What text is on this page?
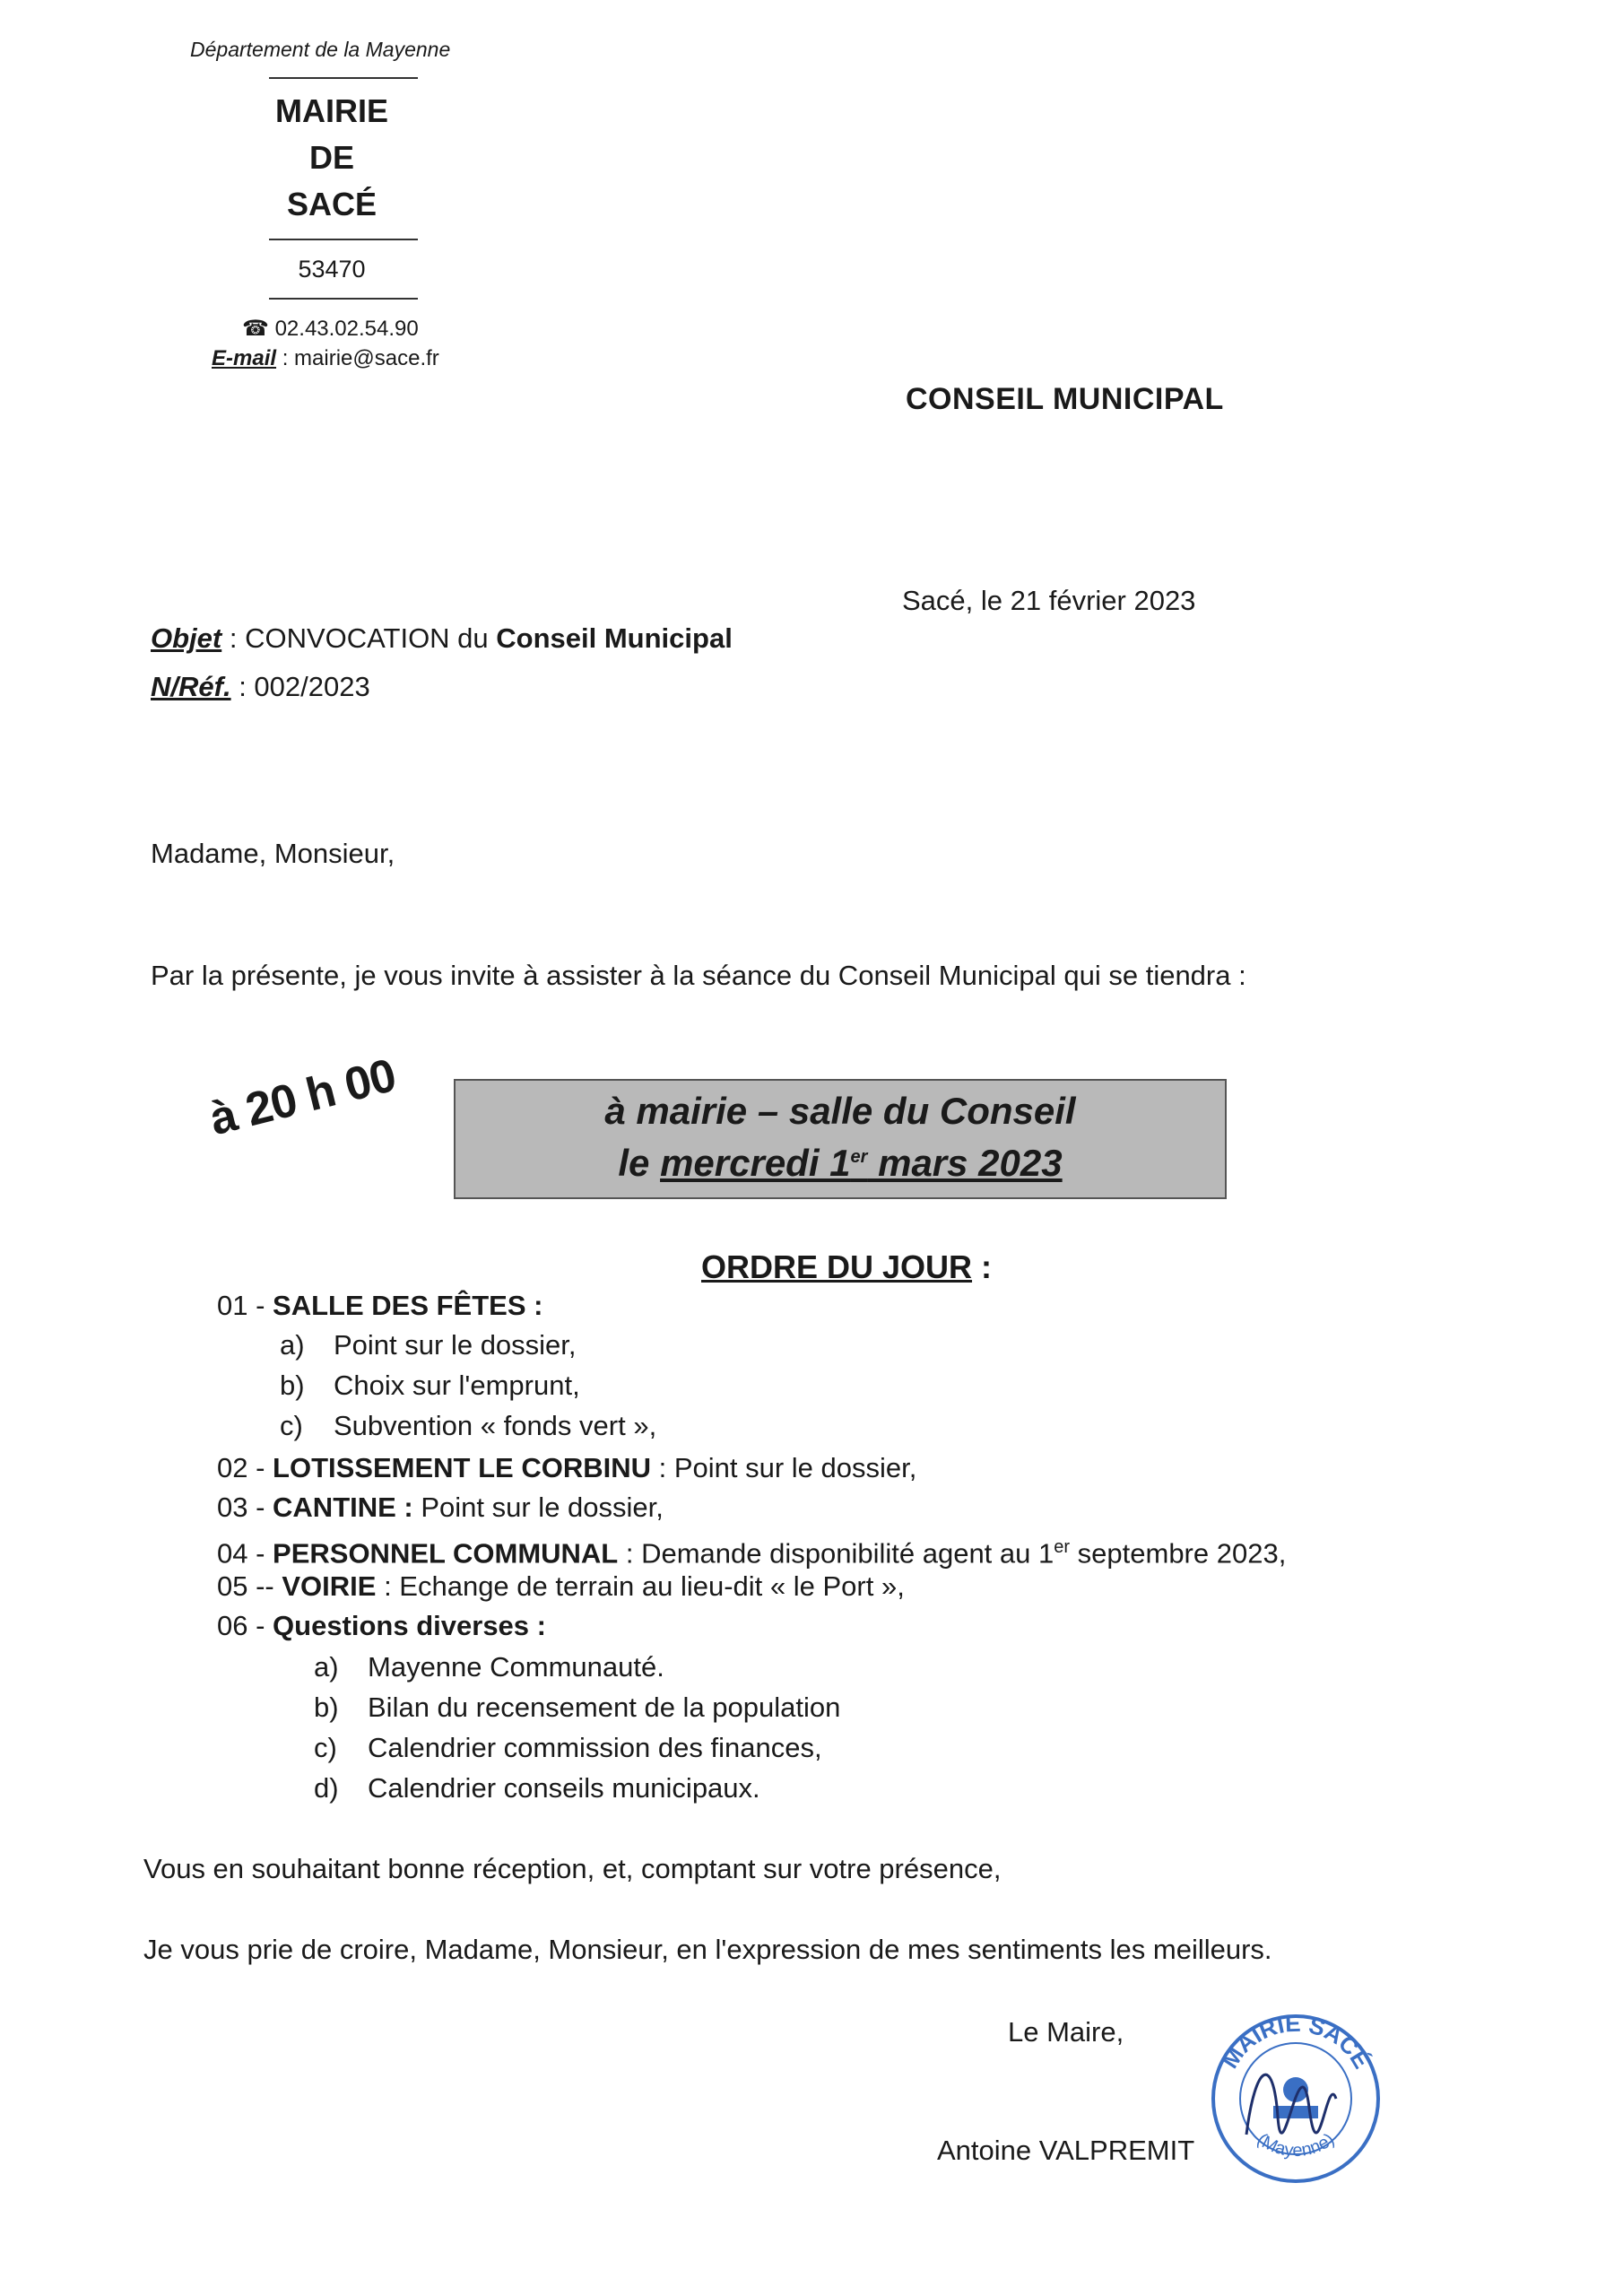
Département de la Mayenne
MAIRIE
DE
SACÉ
53470
☎ 02.43.02.54.90
E-mail : mairie@sace.fr
CONSEIL MUNICIPAL
Sacé, le 21 février 2023
Objet : CONVOCATION du Conseil Municipal
N/Réf. : 002/2023
Madame, Monsieur,
Par la présente, je vous invite à assister à la séance du Conseil Municipal qui se tiendra :
à 20 h 00	à mairie – salle du Conseil
le mercredi 1er mars 2023
ORDRE DU JOUR :
01 - SALLE DES FÊTES :
a) Point sur le dossier,
b) Choix sur l'emprunt,
c) Subvention « fonds vert »,
02 - LOTISSEMENT LE CORBINU : Point sur le dossier,
03 - CANTINE : Point sur le dossier,
04 - PERSONNEL COMMUNAL : Demande disponibilité agent au 1er septembre 2023,
05 -- VOIRIE : Echange de terrain au lieu-dit « le Port »,
06 - Questions diverses :
a) Mayenne Communauté.
b) Bilan du recensement de la population
c) Calendrier commission des finances,
d) Calendrier conseils municipaux.
Vous en souhaitant bonne réception, et, comptant sur votre présence,
Je vous prie de croire, Madame, Monsieur, en l'expression de mes sentiments les meilleurs.
Le Maire,
Antoine VALPREMIT
MAIRIE SACÉ
(Mayenne)
